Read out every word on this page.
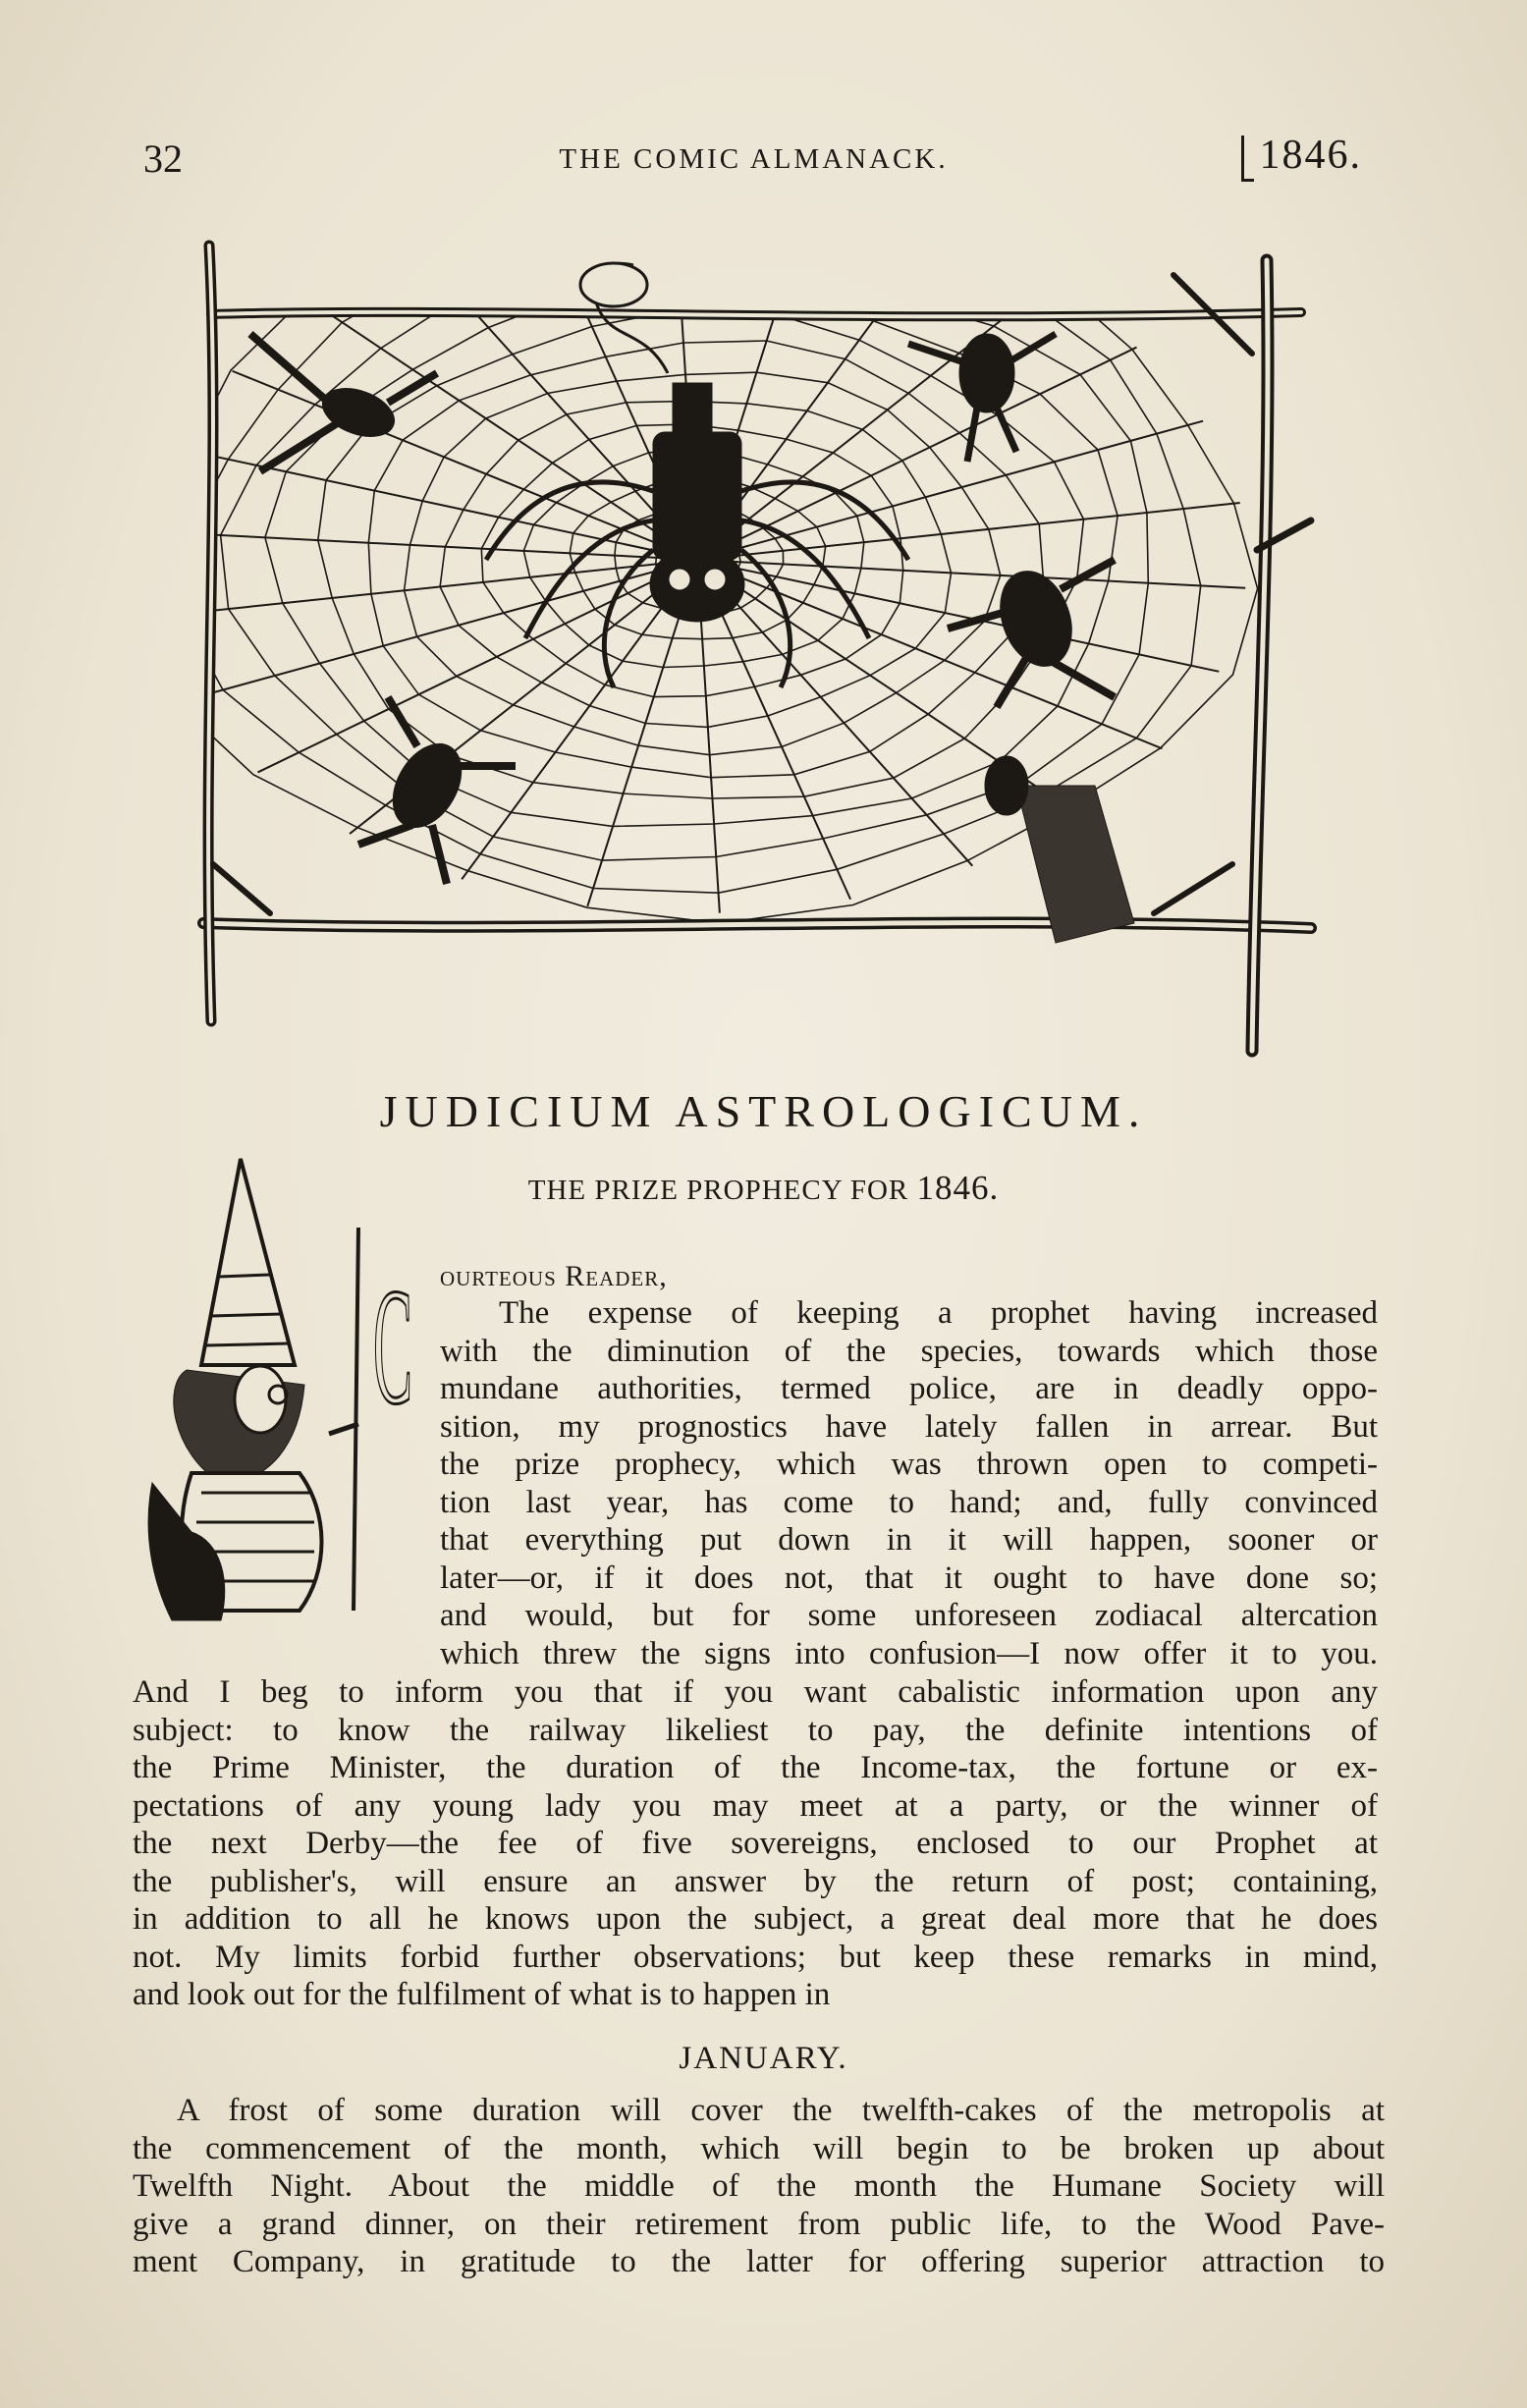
32	THE COMIC ALMANACK.	1846.
JUDICIUM ASTROLOGICUM.
THE PRIZE PROPHECY FOR 1846.
C ourteous Reader,
The expense of keeping a prophet having increased
with the diminution of the species, towards which those
mundane authorities, termed police, are in deadly oppo-
sition, my prognostics have lately fallen in arrear. But
the prize prophecy, which was thrown open to competi-
tion last year, has come to hand; and, fully convinced
that everything put down in it will happen, sooner or
later—or, if it does not, that it ought to have done so;
and would, but for some unforeseen zodiacal altercation
which threw the signs into confusion—I now offer it to you.
And I beg to inform you that if you want cabalistic information upon any
subject: to know the railway likeliest to pay, the definite intentions of
the Prime Minister, the duration of the Income-tax, the fortune or ex-
pectations of any young lady you may meet at a party, or the winner of
the next Derby—the fee of five sovereigns, enclosed to our Prophet at
the publisher's, will ensure an answer by the return of post; containing,
in addition to all he knows upon the subject, a great deal more that he does
not. My limits forbid further observations; but keep these remarks in mind,
and look out for the fulfilment of what is to happen in
JANUARY.
A frost of some duration will cover the twelfth-cakes of the metropolis at
the commencement of the month, which will begin to be broken up about
Twelfth Night. About the middle of the month the Humane Society will
give a grand dinner, on their retirement from public life, to the Wood Pave-
ment Company, in gratitude to the latter for offering superior attraction to
